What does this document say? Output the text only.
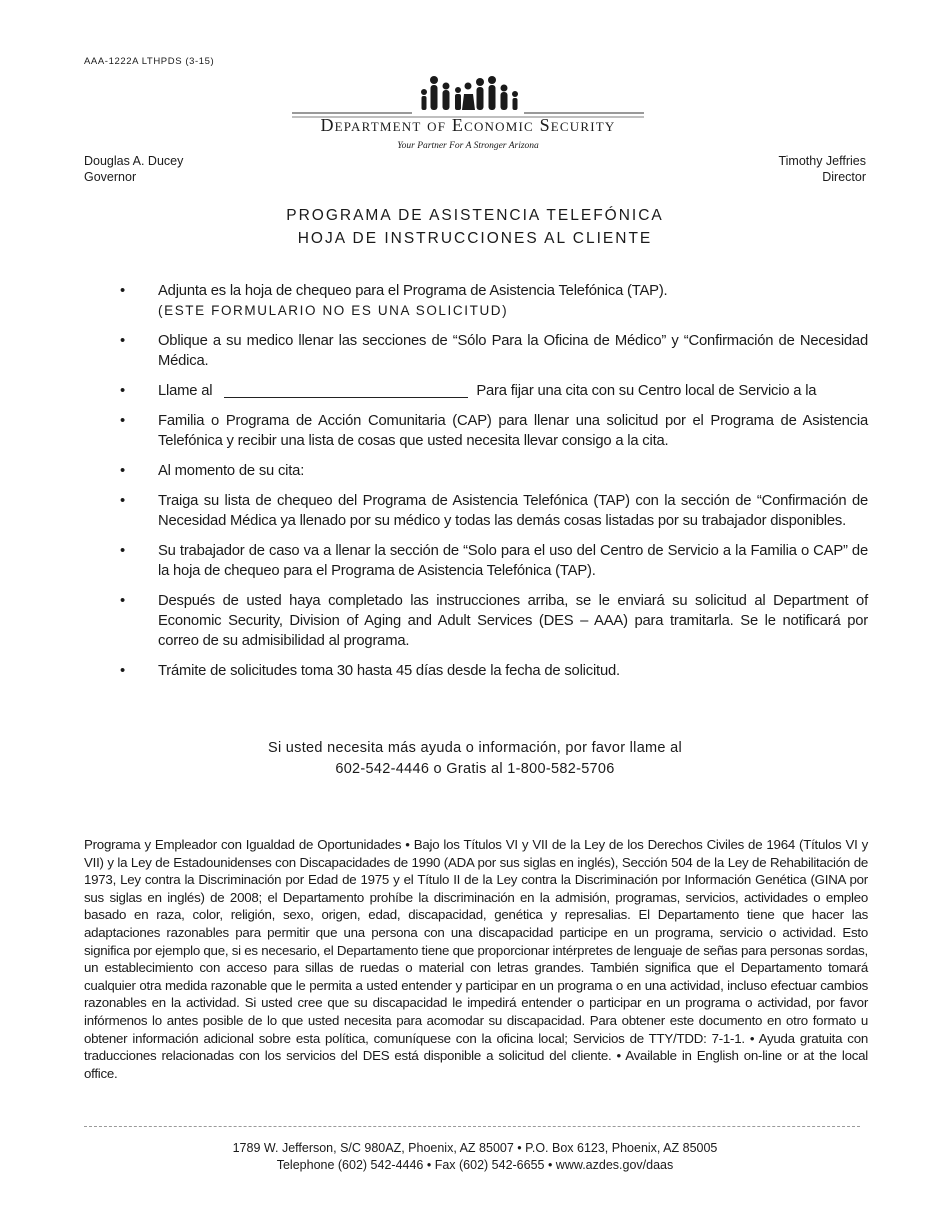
AAA-1222A LTHPDS (3-15)
Department of Economic Security
Your Partner For A Stronger Arizona
Douglas A. Ducey
Governor
Timothy Jeffries
Director
PROGRAMA DE ASISTENCIA TELEFÓNICA
HOJA DE INSTRUCCIONES AL CLIENTE
• Adjunta es la hoja de chequeo para el Programa de Asistencia Telefónica (TAP).
(ESTE FORMULARIO NO ES UNA SOLICITUD)
• Oblique a su medico llenar las secciones de “Sólo Para la Oficina de Médico” y “Confirmación de Necesidad Médica.
• Llame al	Para fijar una cita con su Centro local de Servicio a la
• Familia o Programa de Acción Comunitaria (CAP) para llenar una solicitud por el Programa de Asistencia Telefónica y recibir una lista de cosas que usted necesita llevar consigo a la cita.
• Al momento de su cita:
• Traiga su lista de chequeo del Programa de Asistencia Telefónica (TAP) con la sección de “Confirmación de Necesidad Médica ya llenado por su médico y todas las demás cosas listadas por su trabajador disponibles.
• Su trabajador de caso va a llenar la sección de “Solo para el uso del Centro de Servicio a la Familia o CAP” de la hoja de chequeo para el Programa de Asistencia Telefónica (TAP).
• Después de usted haya completado las instrucciones arriba, se le enviará su solicitud al Department of Economic Security, Division of Aging and Adult Services (DES – AAA) para tramitarla. Se le notificará por correo de su admisibilidad al programa.
• Trámite de solicitudes toma 30 hasta 45 días desde la fecha de solicitud.
Si usted necesita más ayuda o información, por favor llame al
602-542-4446 o Gratis al 1-800-582-5706
Programa y Empleador con Igualdad de Oportunidades • Bajo los Títulos VI y VII de la Ley de los Derechos Civiles de 1964 (Títulos VI y VII) y la Ley de Estadounidenses con Discapacidades de 1990 (ADA por sus siglas en inglés), Sección 504 de la Ley de Rehabilitación de 1973, Ley contra la Discriminación por Edad de 1975 y el Título II de la Ley contra la Discriminación por Información Genética (GINA por sus siglas en inglés) de 2008; el Departamento prohíbe la discriminación en la admisión, programas, servicios, actividades o empleo basado en raza, color, religión, sexo, origen, edad, discapacidad, genética y represalias. El Departamento tiene que hacer las adaptaciones razonables para permitir que una persona con una discapacidad participe en un programa, servicio o actividad. Esto significa por ejemplo que, si es necesario, el Departamento tiene que proporcionar intérpretes de lenguaje de señas para personas sordas, un establecimiento con acceso para sillas de ruedas o material con letras grandes. También significa que el Departamento tomará cualquier otra medida razonable que le permita a usted entender y participar en un programa o en una actividad, incluso efectuar cambios razonables en la actividad. Si usted cree que su discapacidad le impedirá entender o participar en un programa o actividad, por favor infórmenos lo antes posible de lo que usted necesita para acomodar su discapacidad. Para obtener este documento en otro formato u obtener información adicional sobre esta política, comuníquese con la oficina local; Servicios de TTY/TDD: 7-1-1. • Ayuda gratuita con traducciones relacionadas con los servicios del DES está disponible a solicitud del cliente. • Available in English on-line or at the local office.
1789 W. Jefferson, S/C 980AZ, Phoenix, AZ 85007 • P.O. Box 6123, Phoenix, AZ 85005
Telephone (602) 542-4446 • Fax (602) 542-6655 • www.azdes.gov/daas
